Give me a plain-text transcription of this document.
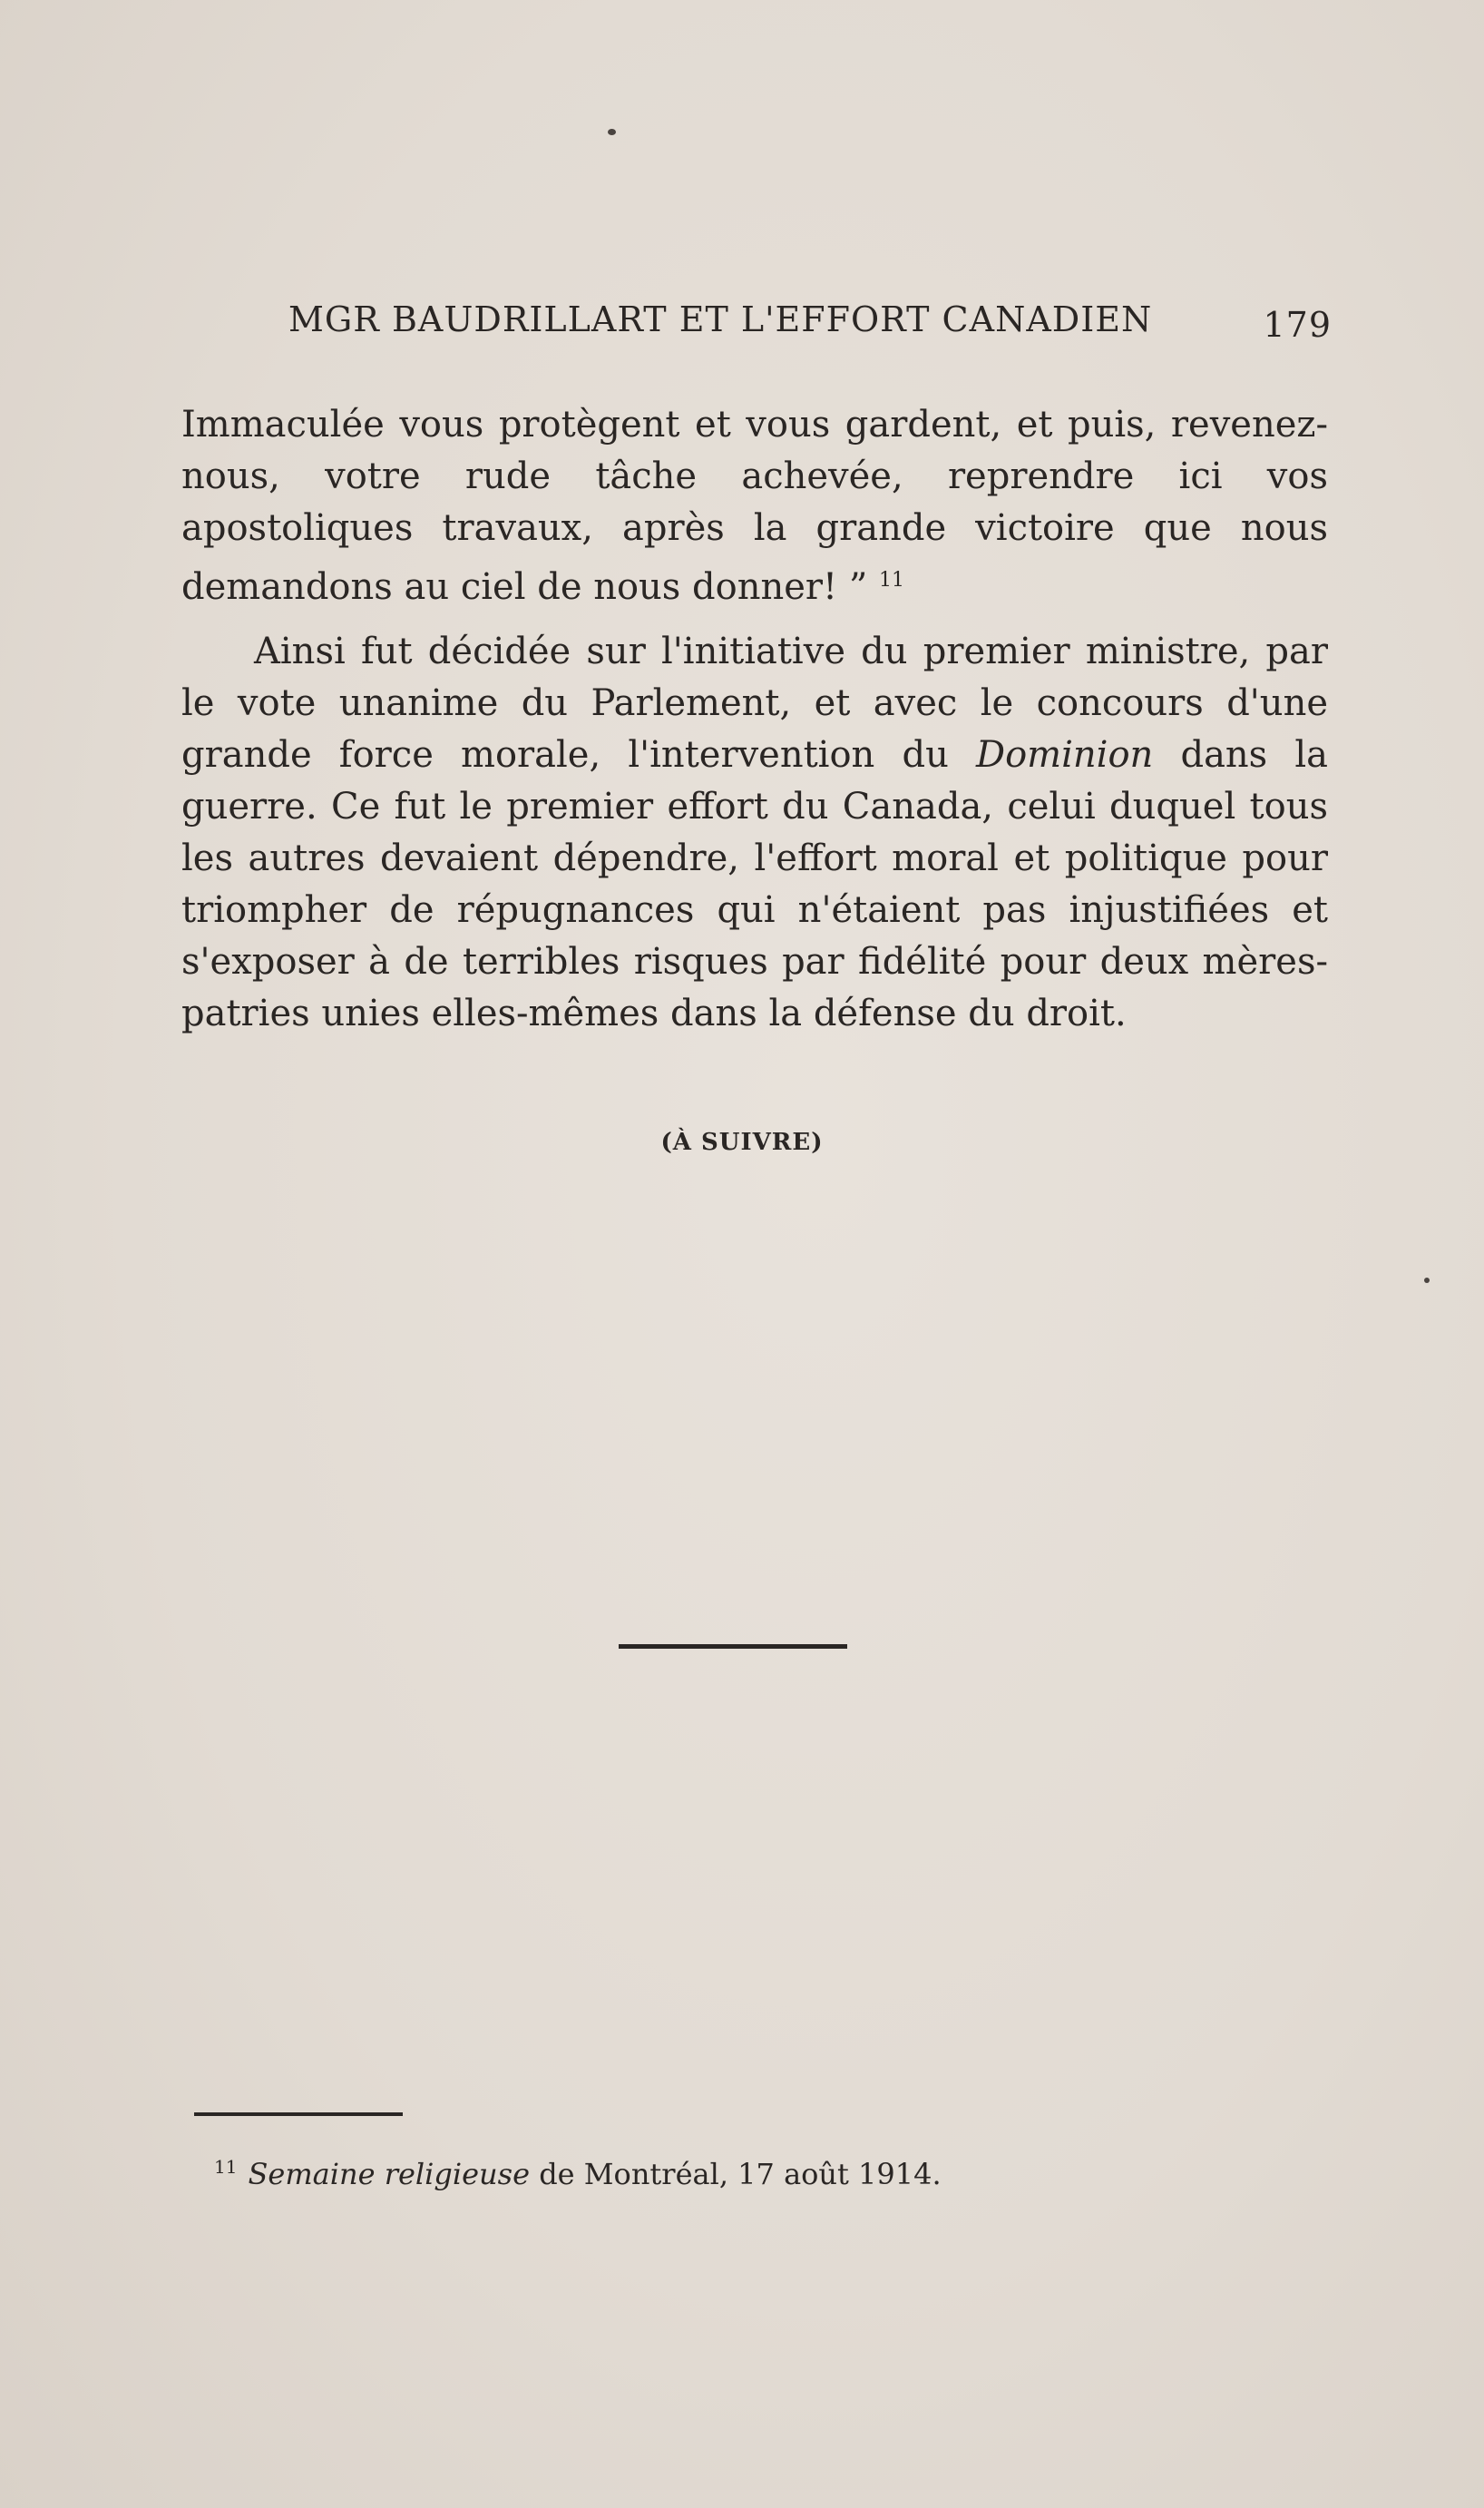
MGR BAUDRILLART ET L'EFFORT CANADIEN	179

Immaculée vous protègent et vous gardent, et puis, revenez-nous, votre rude tâche achevée, reprendre ici vos apostoliques travaux, après la grande victoire que nous demandons au ciel de nous donner! ” $^{11}$

Ainsi fut décidée sur l'initiative du premier ministre, par le vote unanime du Parlement, et avec le concours d'une grande force morale, l'intervention du Dominion dans la guerre. Ce fut le premier effort du Canada, celui duquel tous les autres devaient dépendre, l'effort moral et politique pour triompher de répugnances qui n'étaient pas injustifiées et s'exposer à de terribles risques par fidélité pour deux mères-patries unies elles-mêmes dans la défense du droit.

(À SUIVRE)
$^{11}$ Semaine religieuse de Montréal, 17 août 1914.
